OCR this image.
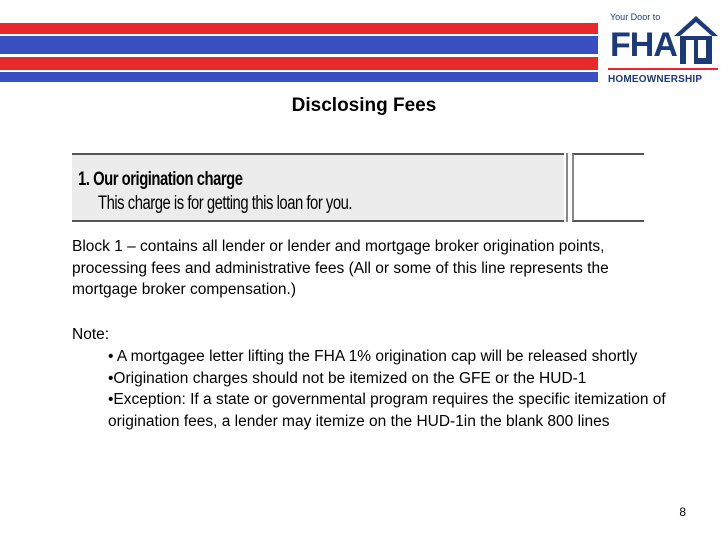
Your Door to
FHA
HOMEOWNERSHIP
Disclosing Fees
1. Our origination charge
This charge is for getting this loan for you.
Block 1 – contains all lender or lender and mortgage broker origination points, processing fees and administrative fees (All or some of this line represents the mortgage broker compensation.)
Note:

• A mortgagee letter lifting the FHA 1% origination cap will be released shortly

•Origination charges should not be itemized on the GFE or the HUD-1

•Exception: If a state or governmental program requires the specific itemization of origination fees, a lender may itemize on the HUD-1in the blank 800 lines

8
